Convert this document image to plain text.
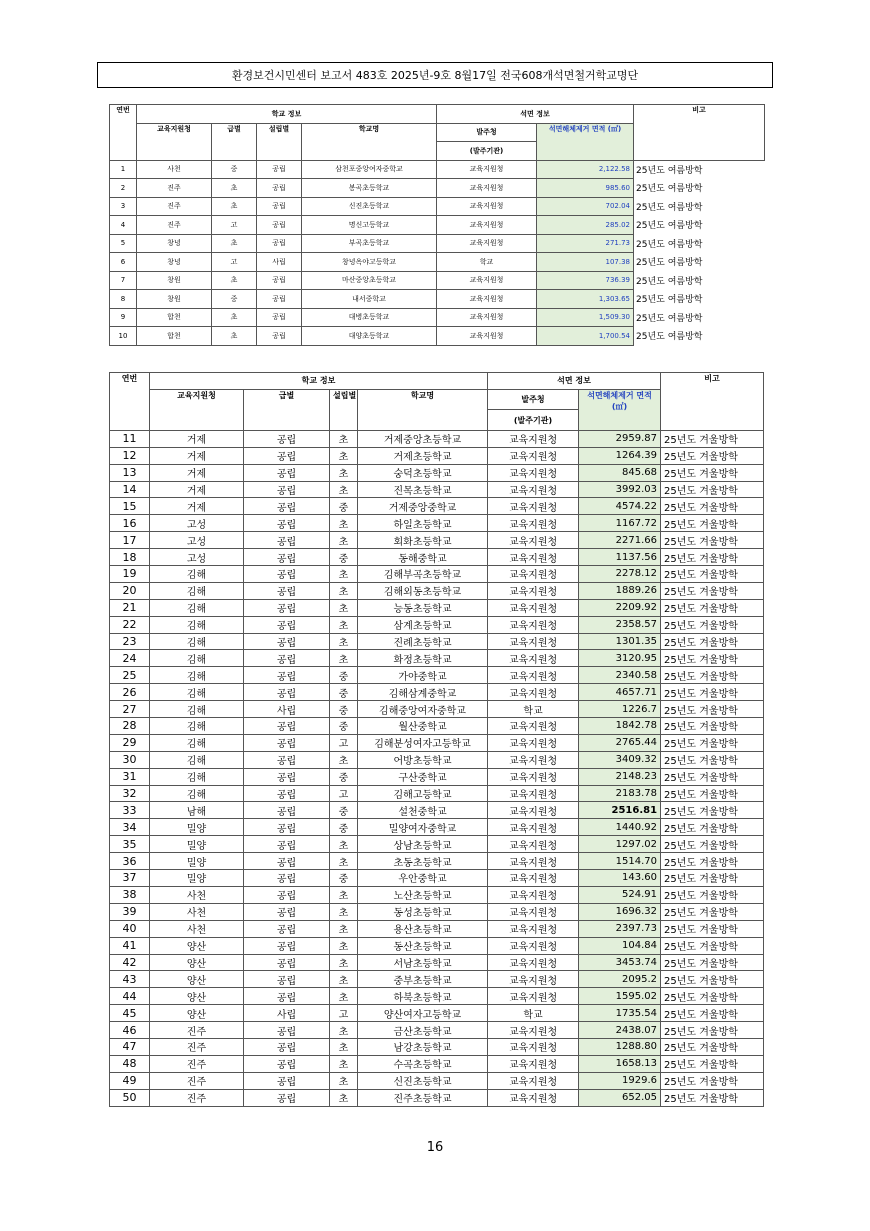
환경보건시민센터 보고서 483호 2025년-9호 8월17일 전국608개석면철거학교명단
연번	학교 정보				석면 정보		비고
	교육지원청	급별	설립별	학교명	발주청	석면해체제거 면적 (㎡)	
					(발주기관)		
1	사천	중	공립	삼천포중앙여자중학교	교육지원청	2,122.58	25년도 여름방학
2	진주	초	공립	봉곡초등학교	교육지원청	985.60	25년도 여름방학
3	진주	초	공립	신진초등학교	교육지원청	702.04	25년도 여름방학
4	진주	고	공립	명신고등학교	교육지원청	285.02	25년도 여름방학
5	창녕	초	공립	부곡초등학교	교육지원청	271.73	25년도 여름방학
6	창녕	고	사립	창녕옥야고등학교	학교	107.38	25년도 여름방학
7	창원	초	공립	마산중앙초등학교	교육지원청	736.39	25년도 여름방학
8	창원	중	공립	내서중학교	교육지원청	1,303.65	25년도 여름방학
9	합천	초	공립	대병초등학교	교육지원청	1,509.30	25년도 여름방학
10	합천	초	공립	대양초등학교	교육지원청	1,700.54	25년도 여름방학
연번	학교 정보				석면 정보		비고
	교육지원청	급별	설립별	학교명	발주청	석면해체제거 면적 (㎡)	
					(발주기관)		
11	거제	공립	초	거제중앙초등학교	교육지원청	2959.87	25년도 겨울방학
12	거제	공립	초	거제초등학교	교육지원청	1264.39	25년도 겨울방학
13	거제	공립	초	숭덕초등학교	교육지원청	845.68	25년도 겨울방학
14	거제	공립	초	진목초등학교	교육지원청	3992.03	25년도 겨울방학
15	거제	공립	중	거제중앙중학교	교육지원청	4574.22	25년도 겨울방학
16	고성	공립	초	하일초등학교	교육지원청	1167.72	25년도 겨울방학
17	고성	공립	초	회화초등학교	교육지원청	2271.66	25년도 겨울방학
18	고성	공립	중	동해중학교	교육지원청	1137.56	25년도 겨울방학
19	김해	공립	초	김해부곡초등학교	교육지원청	2278.12	25년도 겨울방학
20	김해	공립	초	김해외동초등학교	교육지원청	1889.26	25년도 겨울방학
21	김해	공립	초	능동초등학교	교육지원청	2209.92	25년도 겨울방학
22	김해	공립	초	삼계초등학교	교육지원청	2358.57	25년도 겨울방학
23	김해	공립	초	진례초등학교	교육지원청	1301.35	25년도 겨울방학
24	김해	공립	초	화정초등학교	교육지원청	3120.95	25년도 겨울방학
25	김해	공립	중	가야중학교	교육지원청	2340.58	25년도 겨울방학
26	김해	공립	중	김해삼계중학교	교육지원청	4657.71	25년도 겨울방학
27	김해	사립	중	김해중앙여자중학교	학교	1226.7	25년도 겨울방학
28	김해	공립	중	월산중학교	교육지원청	1842.78	25년도 겨울방학
29	김해	공립	고	김해분성여자고등학교	교육지원청	2765.44	25년도 겨울방학
30	김해	공립	초	어방초등학교	교육지원청	3409.32	25년도 겨울방학
31	김해	공립	중	구산중학교	교육지원청	2148.23	25년도 겨울방학
32	김해	공립	고	김해고등학교	교육지원청	2183.78	25년도 겨울방학
33	남해	공립	중	설천중학교	교육지원청	2516.81	25년도 겨울방학
34	밀양	공립	중	밀양여자중학교	교육지원청	1440.92	25년도 겨울방학
35	밀양	공립	초	상남초등학교	교육지원청	1297.02	25년도 겨울방학
36	밀양	공립	초	초동초등학교	교육지원청	1514.70	25년도 겨울방학
37	밀양	공립	중	우안중학교	교육지원청	143.60	25년도 겨울방학
38	사천	공립	초	노산초등학교	교육지원청	524.91	25년도 겨울방학
39	사천	공립	초	동성초등학교	교육지원청	1696.32	25년도 겨울방학
40	사천	공립	초	용산초등학교	교육지원청	2397.73	25년도 겨울방학
41	양산	공립	초	동산초등학교	교육지원청	104.84	25년도 겨울방학
42	양산	공립	초	서남초등학교	교육지원청	3453.74	25년도 겨울방학
43	양산	공립	초	중부초등학교	교육지원청	2095.2	25년도 겨울방학
44	양산	공립	초	하북초등학교	교육지원청	1595.02	25년도 겨울방학
45	양산	사립	고	양산여자고등학교	학교	1735.54	25년도 겨울방학
46	진주	공립	초	금산초등학교	교육지원청	2438.07	25년도 겨울방학
47	진주	공립	초	남강초등학교	교육지원청	1288.80	25년도 겨울방학
48	진주	공립	초	수곡초등학교	교육지원청	1658.13	25년도 겨울방학
49	진주	공립	초	신진초등학교	교육지원청	1929.6	25년도 겨울방학
50	진주	공립	초	진주초등학교	교육지원청	652.05	25년도 겨울방학
16
